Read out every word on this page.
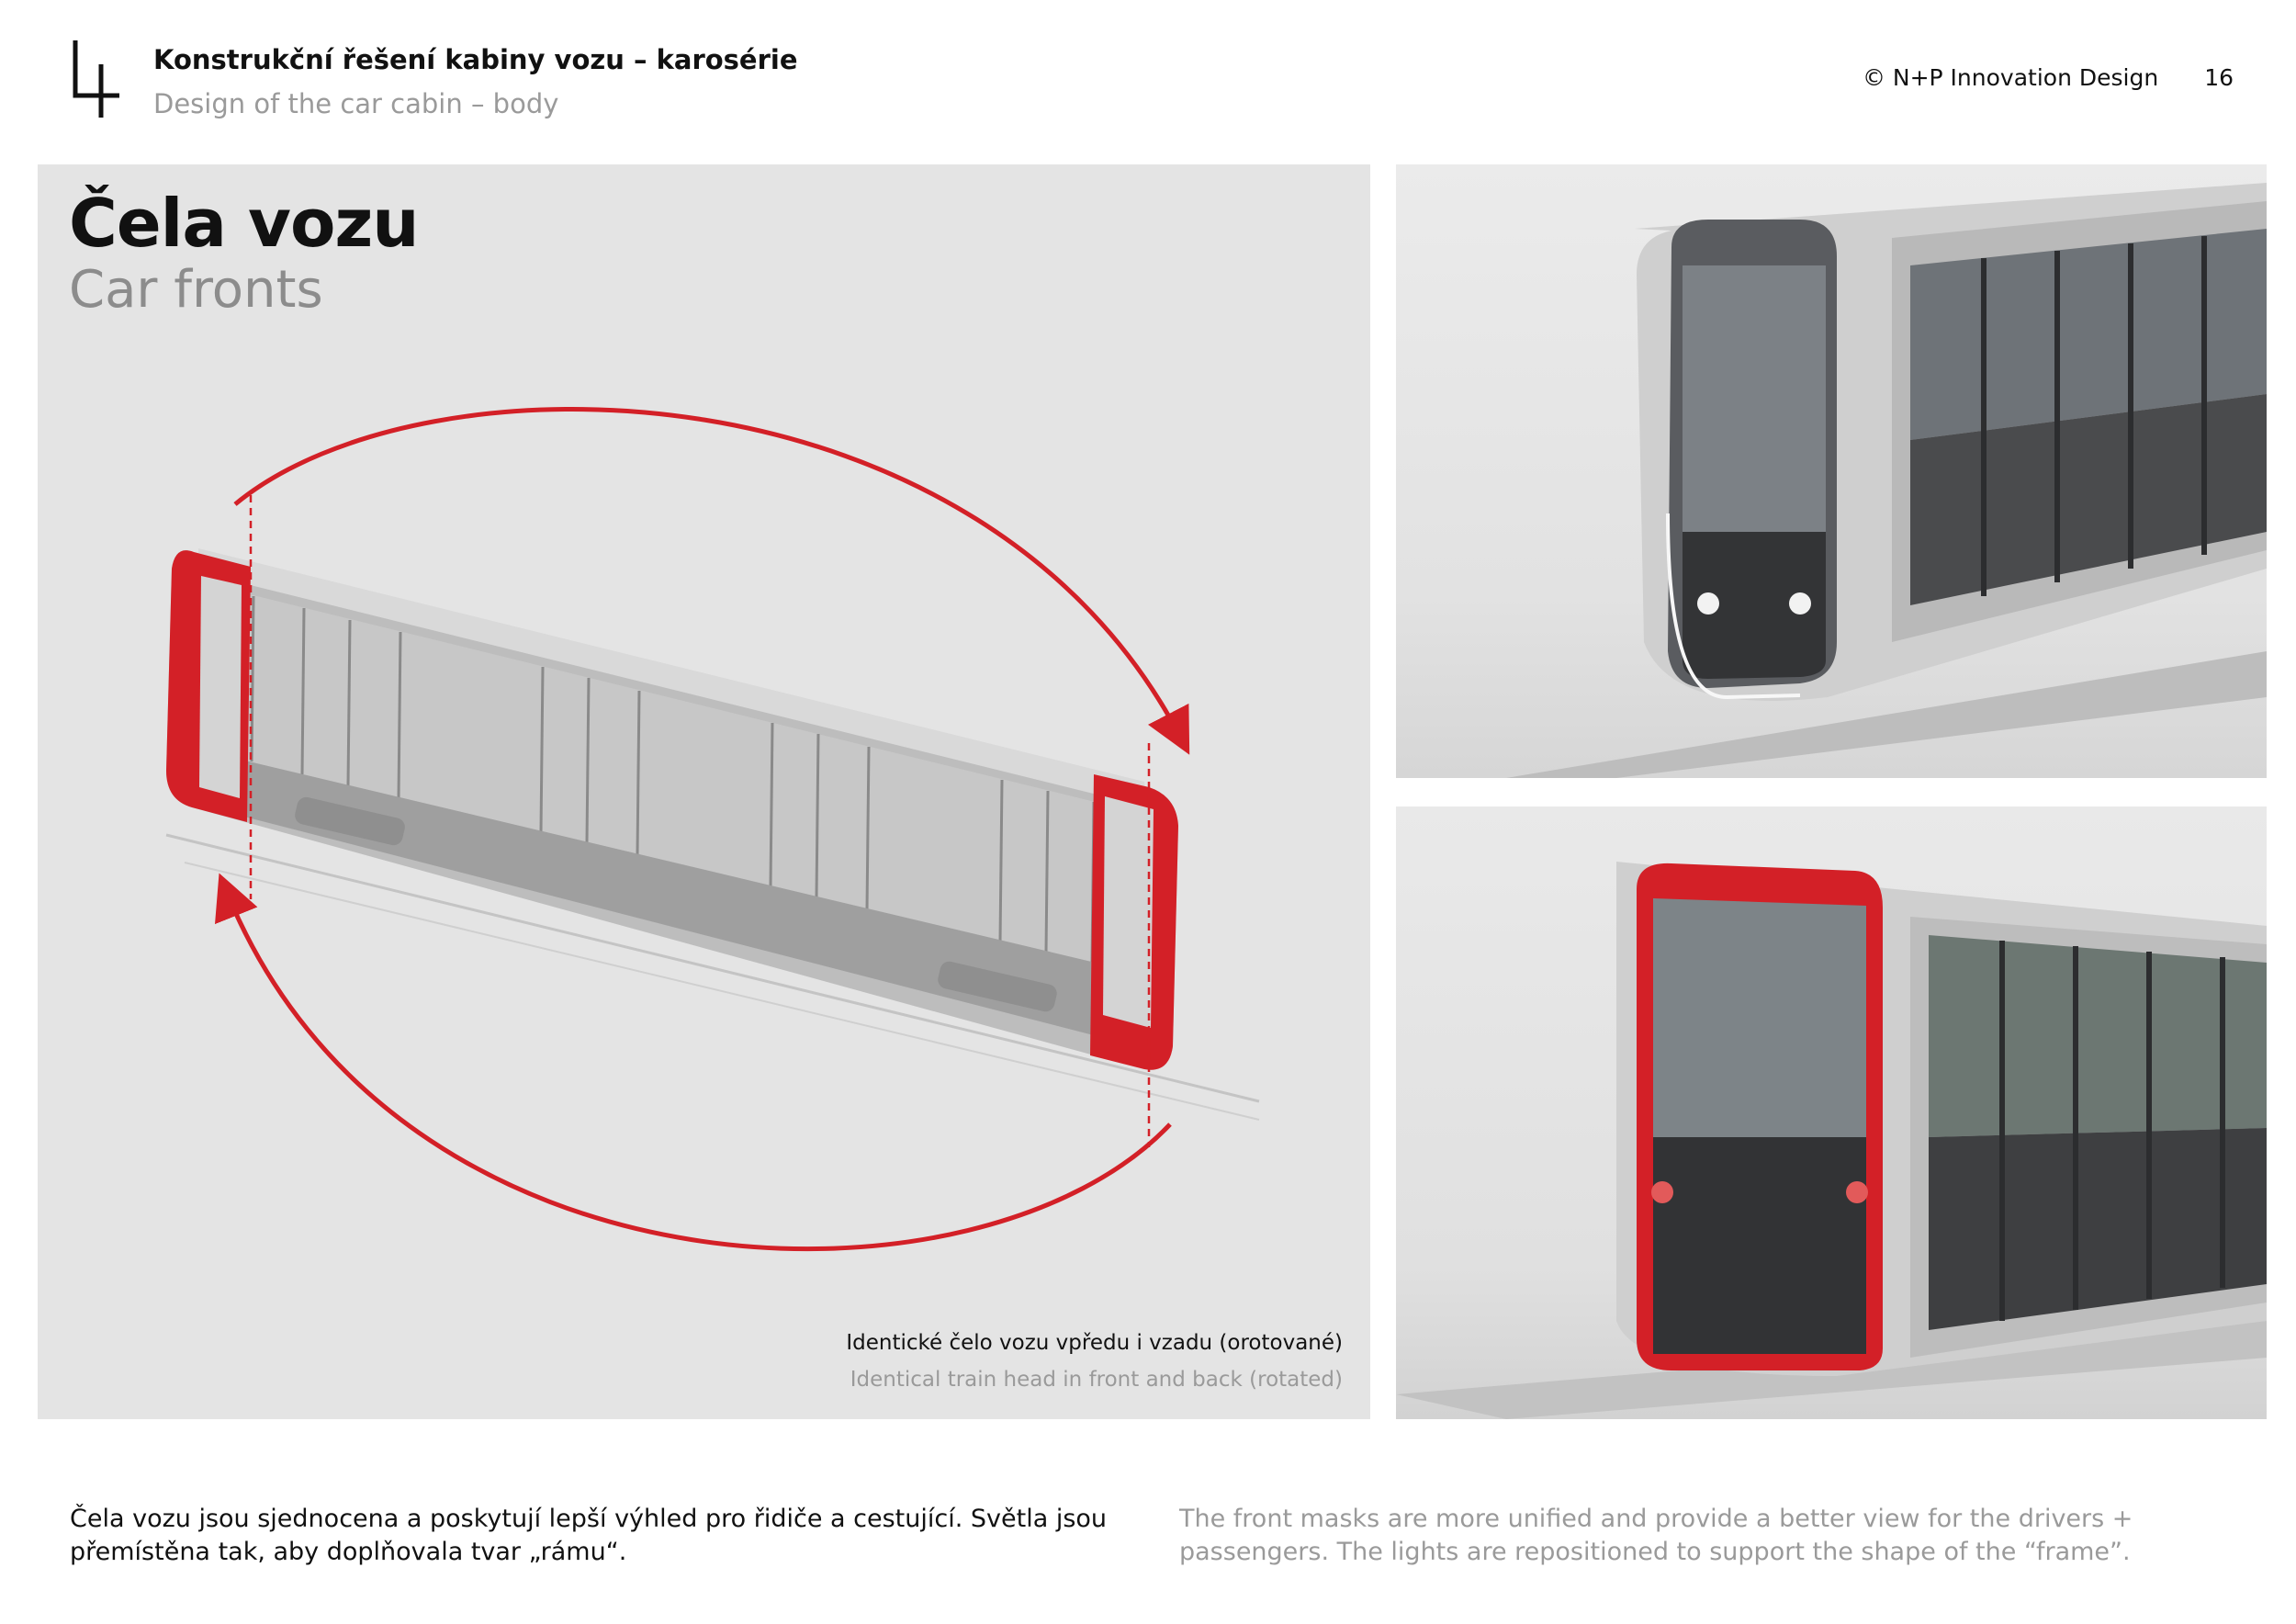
Konstrukční řešení kabiny vozu – karosérie
Design of the car cabin – body
© N+P Innovation Design 16
Čela vozu
Car fronts
Identické čelo vozu vpředu i vzadu (orotované)
Identical train head in front and back (rotated)
Čela vozu jsou sjednocena a poskytují lepší výhled pro řidiče a cestující. Světla jsou přemístěna tak, aby doplňovala tvar „rámu“.
The front masks are more unified and provide a better view for the drivers + passengers. The lights are repositioned to support the shape of the “frame”.
